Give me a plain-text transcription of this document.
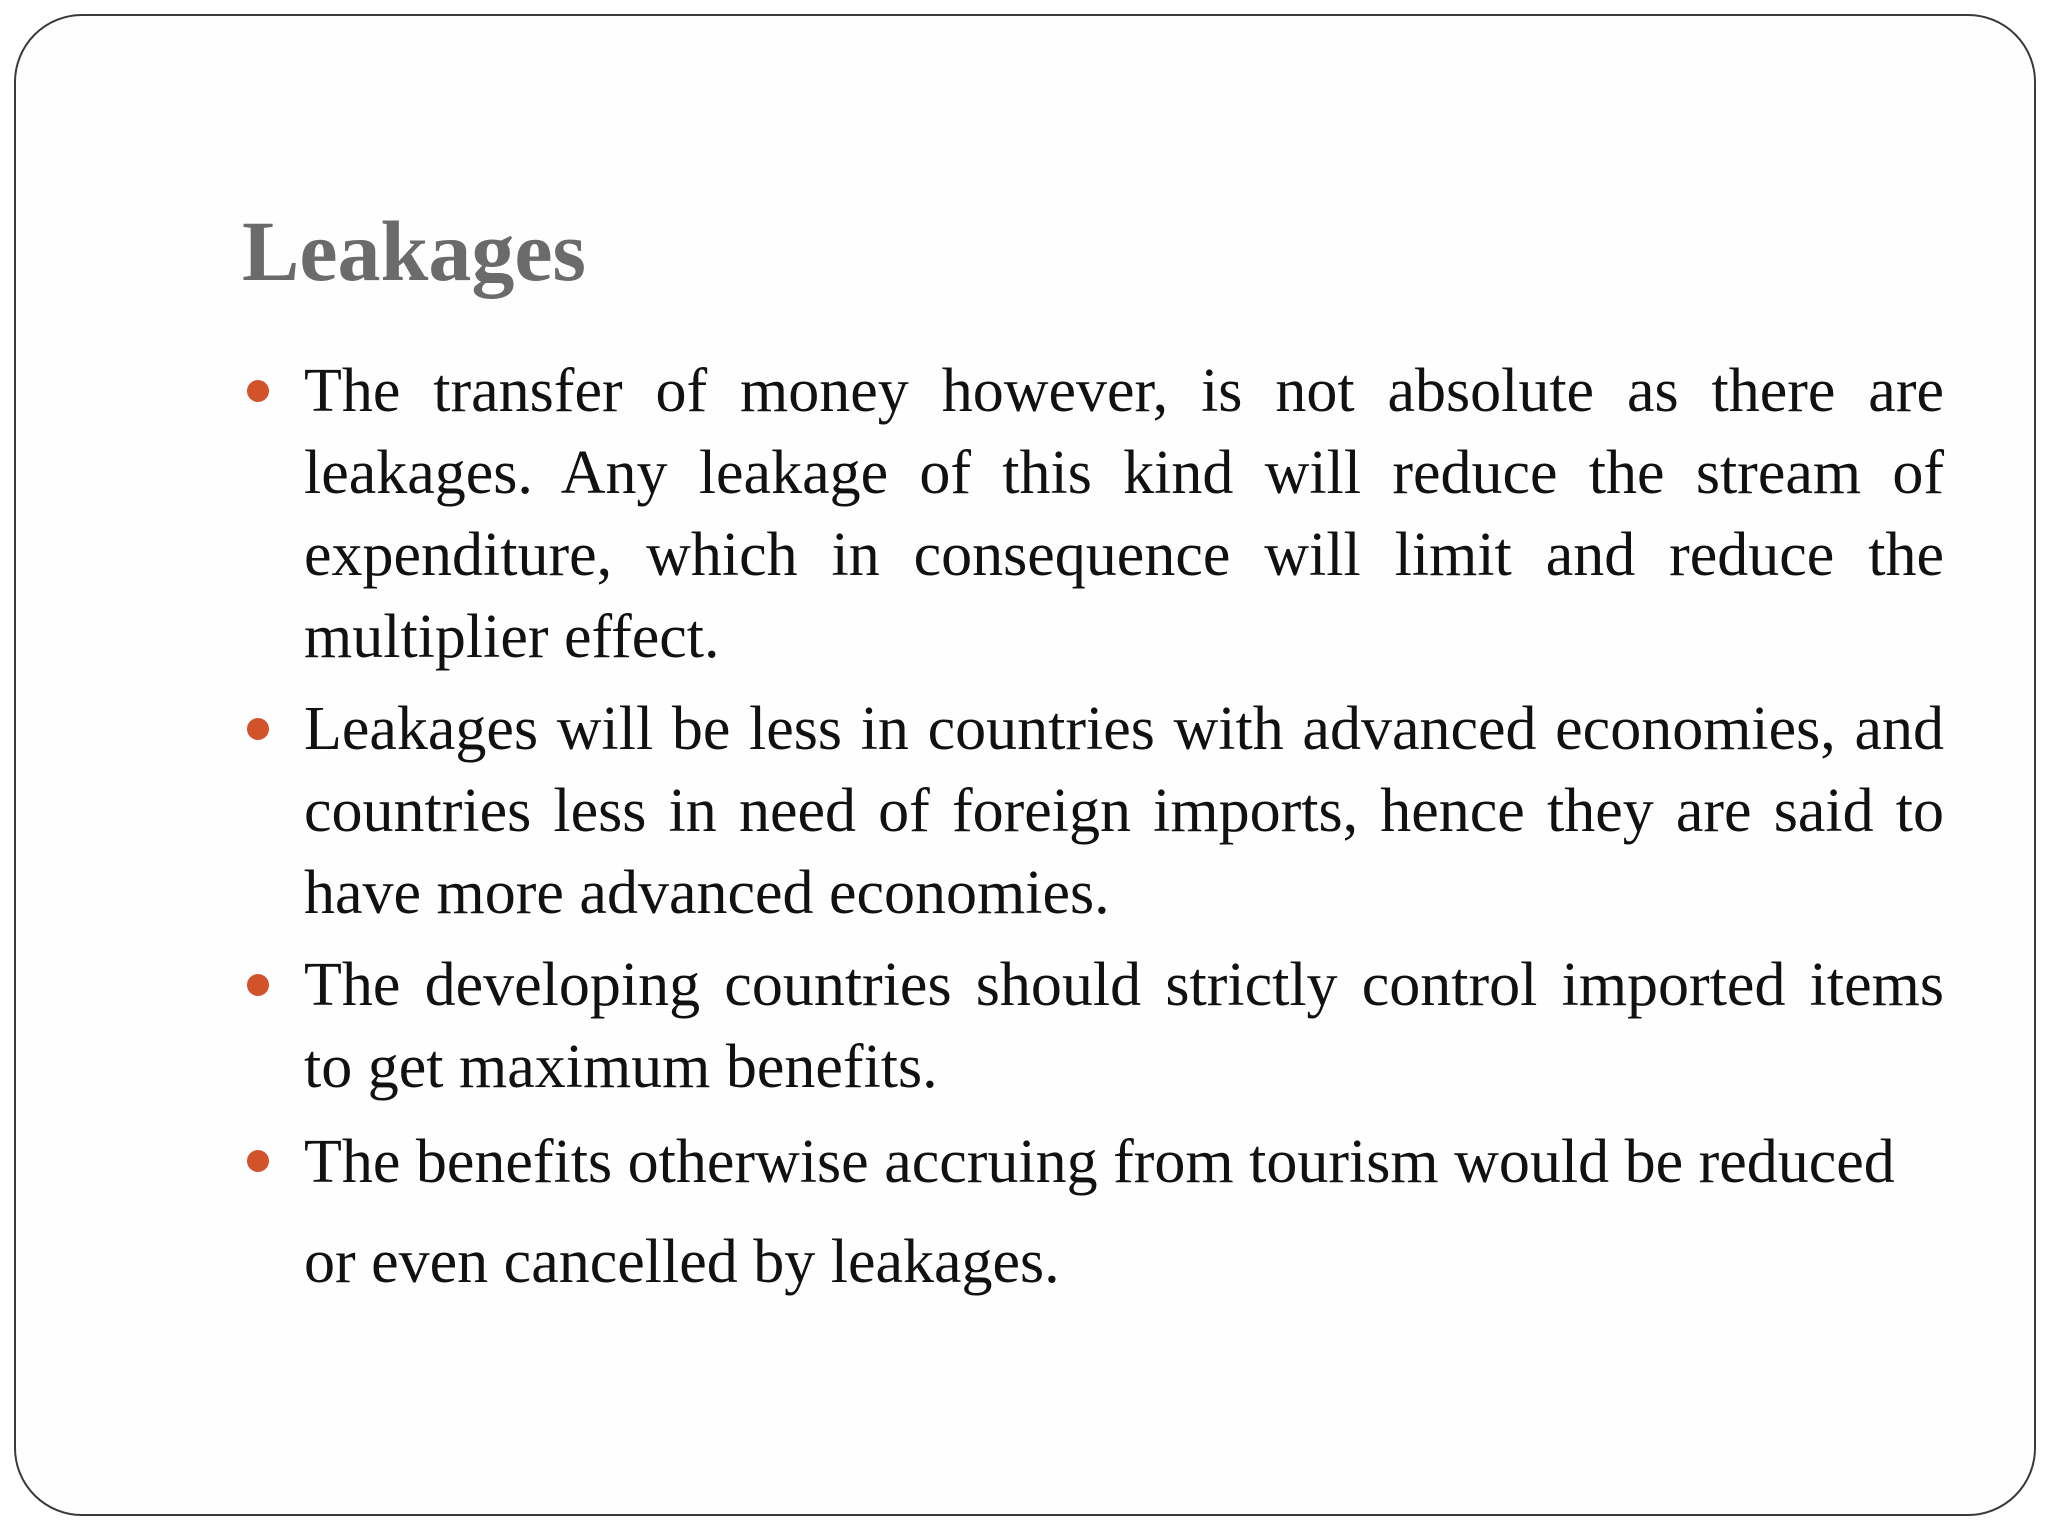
Leakages
The transfer of money however, is not absolute as there are leakages. Any leakage of this kind will reduce the stream of expenditure, which in consequence will limit and reduce the multiplier effect.
Leakages will be less in countries with advanced economies, and countries less in need of foreign imports, hence they are said to have more advanced economies.
The developing countries should strictly control imported items to get maximum benefits.
The benefits otherwise accruing from tourism would be reduced or even cancelled by leakages.
